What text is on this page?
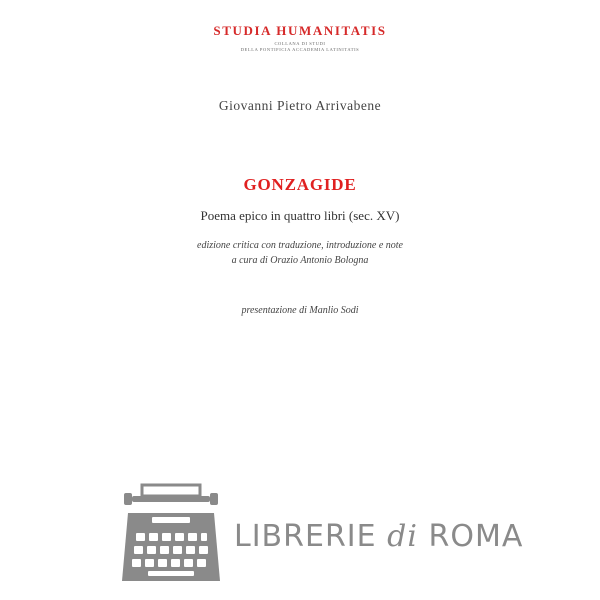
STUDIA HUMANITATIS
COLLANA DI STUDI
DELLA PONTIFICIA ACCADEMIA LATINITATIS
Giovanni Pietro Arrivabene
GONZAGIDE
Poema epico in quattro libri (sec. XV)
edizione critica con traduzione, introduzione e note
a cura di Orazio Antonio Bologna
presentazione di Manlio Sodi
LIBRERIE di ROMA
